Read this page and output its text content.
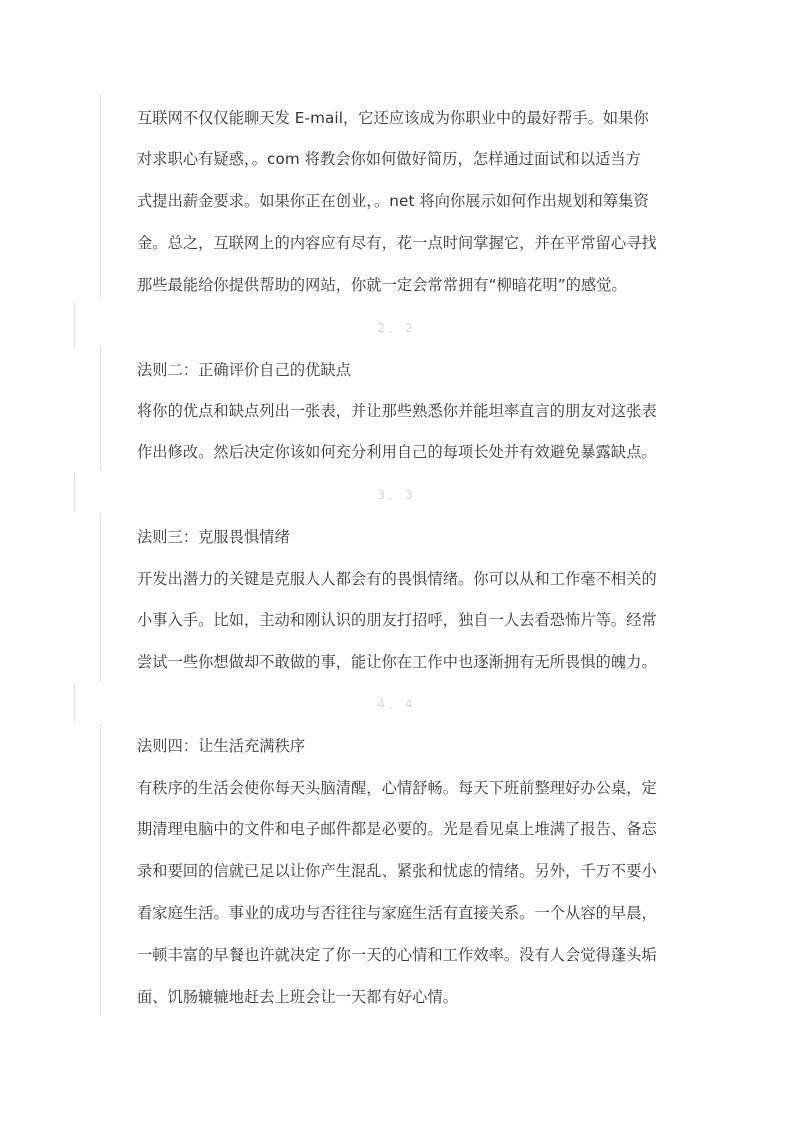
互联网不仅仅能聊天发 E-mail，它还应该成为你职业中的最好帮手。如果你
对求职心有疑惑，。com 将教会你如何做好简历，怎样通过面试和以适当方
式提出薪金要求。如果你正在创业，。net 将向你展示如何作出规划和筹集资
金。总之，互联网上的内容应有尽有，花一点时间掌握它，并在平常留心寻找
那些最能给你提供帮助的网站，你就一定会常常拥有“柳暗花明”的感觉。
2．2
法则二：正确评价自己的优缺点
将你的优点和缺点列出一张表，并让那些熟悉你并能坦率直言的朋友对这张表
作出修改。然后决定你该如何充分利用自己的每项长处并有效避免暴露缺点。
3．3
法则三：克服畏惧情绪
开发出潜力的关键是克服人人都会有的畏惧情绪。你可以从和工作毫不相关的
小事入手。比如，主动和刚认识的朋友打招呼，独自一人去看恐怖片等。经常
尝试一些你想做却不敢做的事，能让你在工作中也逐渐拥有无所畏惧的魄力。
4．4
法则四：让生活充满秩序
有秩序的生活会使你每天头脑清醒，心情舒畅。每天下班前整理好办公桌，定
期清理电脑中的文件和电子邮件都是必要的。光是看见桌上堆满了报告、备忘
录和要回的信就已足以让你产生混乱、紧张和忧虑的情绪。另外，千万不要小
看家庭生活。事业的成功与否往往与家庭生活有直接关系。一个从容的早晨，
一顿丰富的早餐也许就决定了你一天的心情和工作效率。没有人会觉得蓬头垢
面、饥肠辘辘地赶去上班会让一天都有好心情。
